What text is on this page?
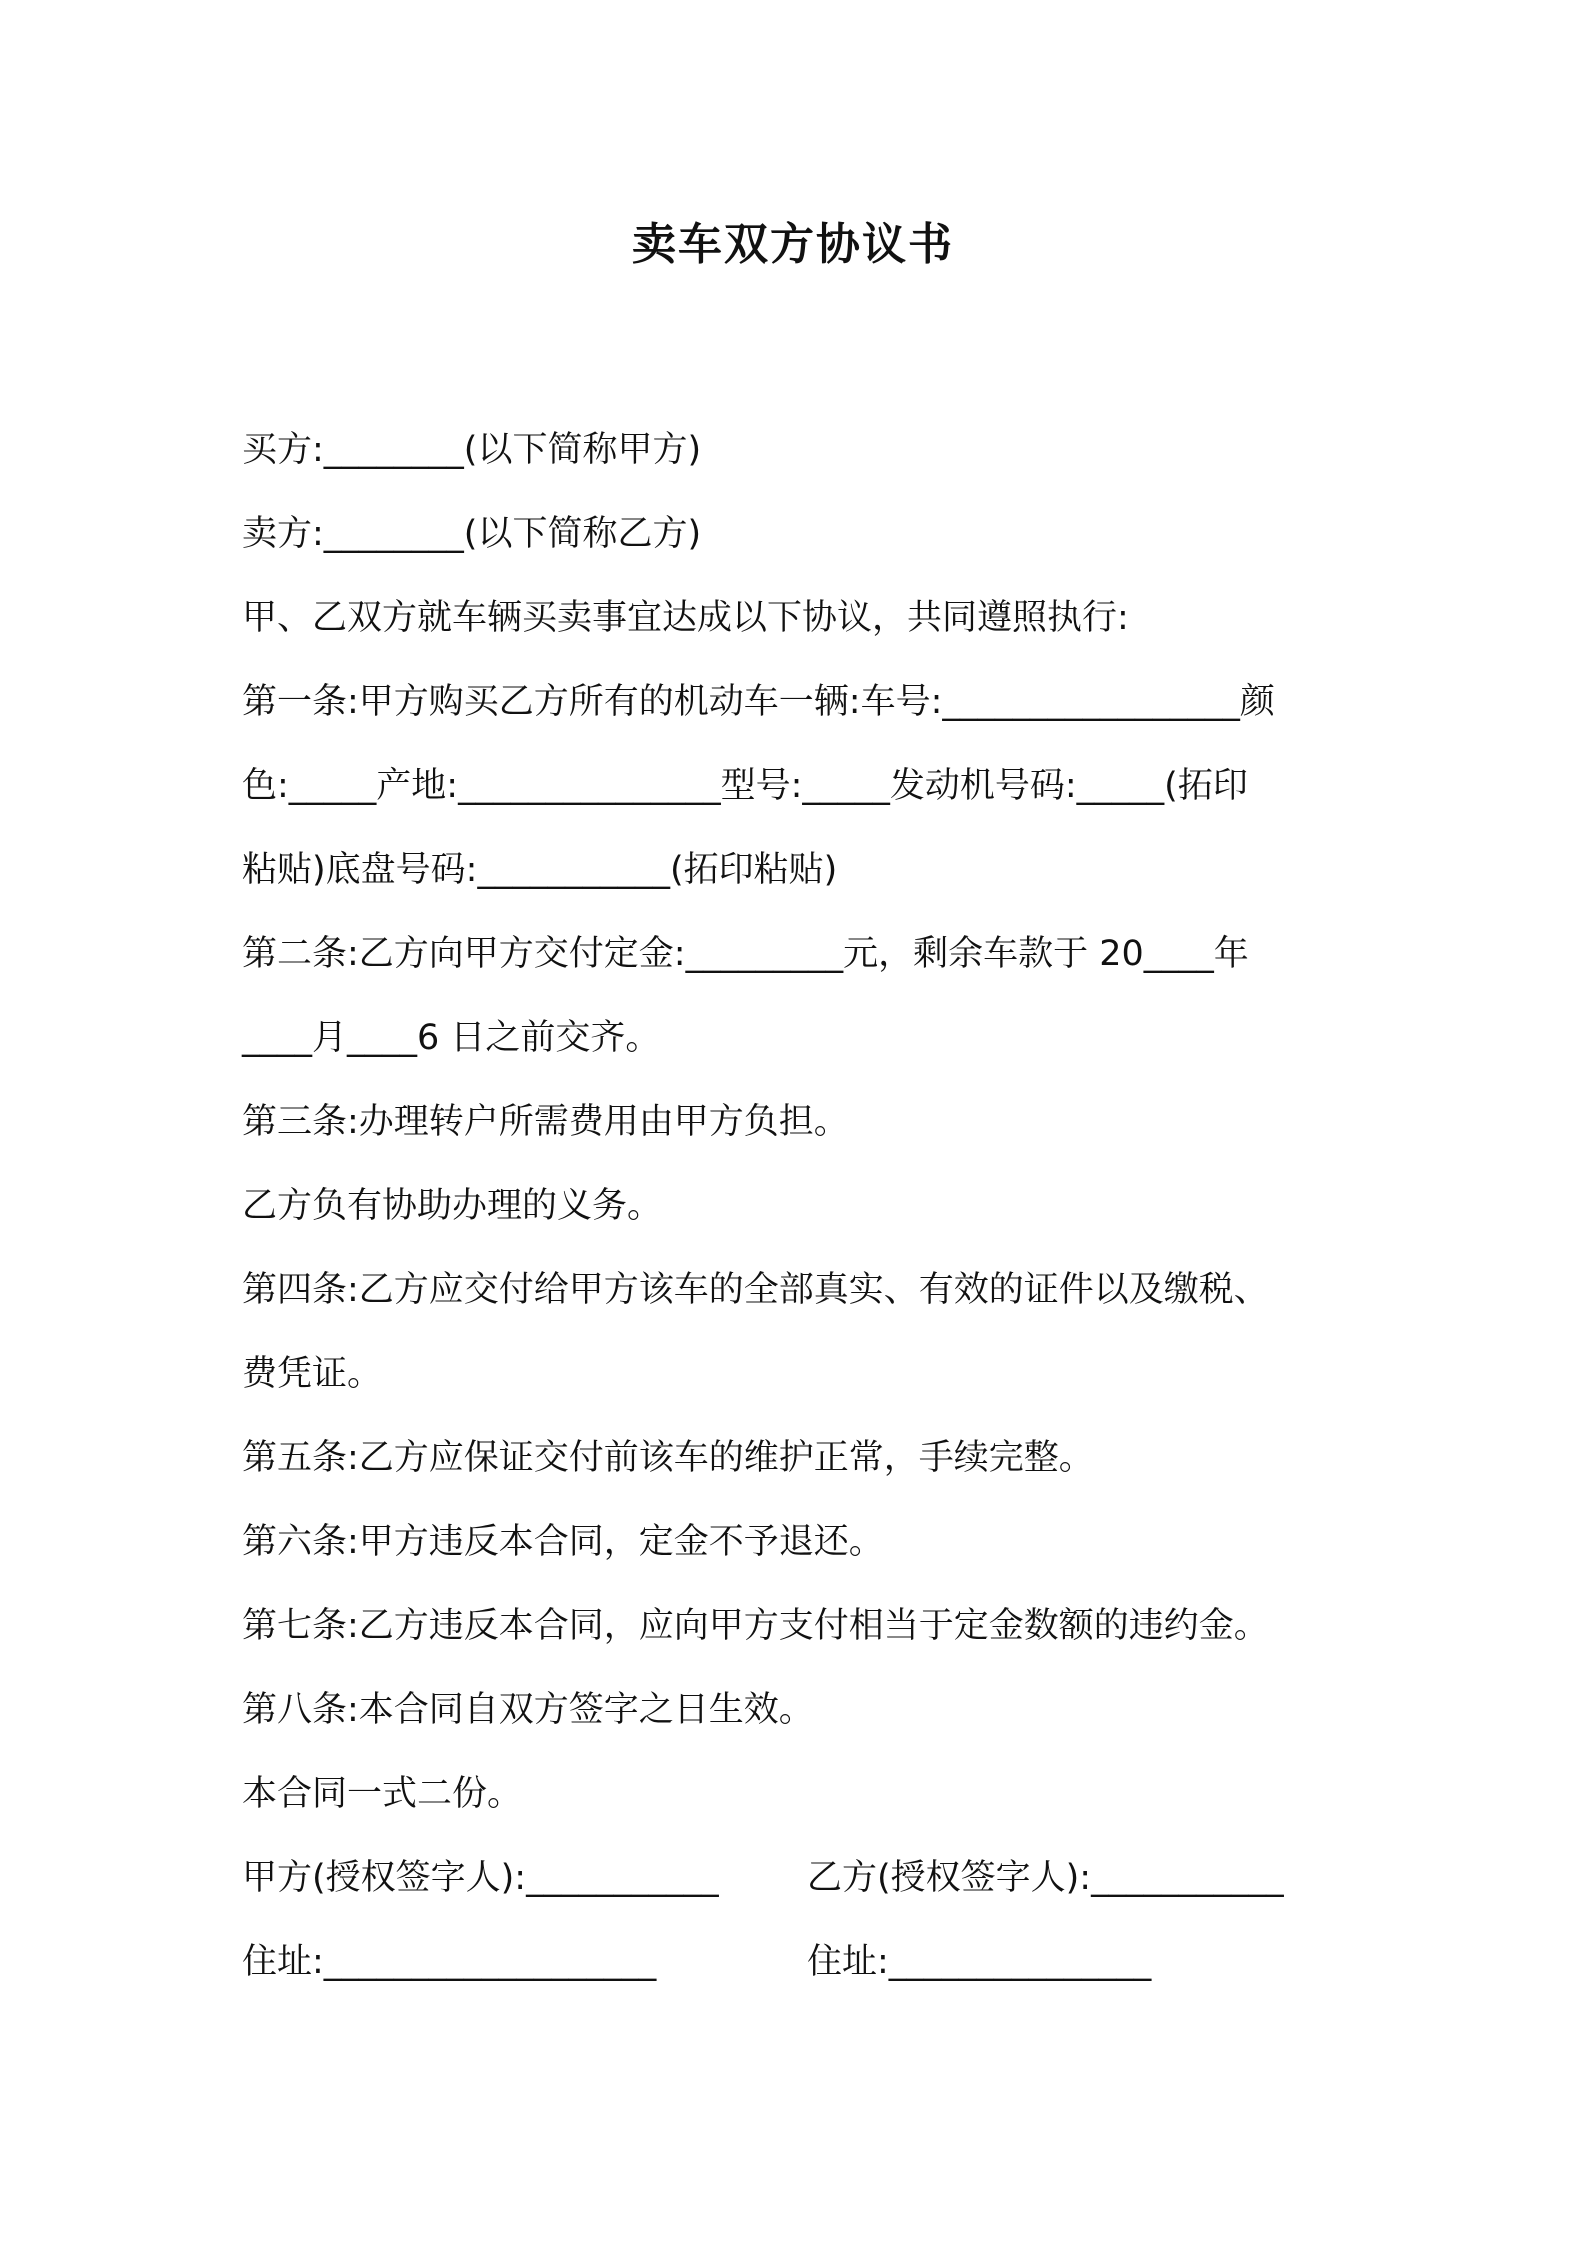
卖车双方协议书
买方:________(以下简称甲方)
卖方:________(以下简称乙方)
甲、乙双方就车辆买卖事宜达成以下协议，共同遵照执行:
第一条:甲方购买乙方所有的机动车一辆:车号:_________________颜
色:_____产地:_______________型号:_____发动机号码:_____(拓印
粘贴)底盘号码:___________(拓印粘贴)
第二条:乙方向甲方交付定金:_________元，剩余车款于 20____年
____月____6 日之前交齐。
第三条:办理转户所需费用由甲方负担。
乙方负有协助办理的义务。
第四条:乙方应交付给甲方该车的全部真实、有效的证件以及缴税、
费凭证。
第五条:乙方应保证交付前该车的维护正常，手续完整。
第六条:甲方违反本合同，定金不予退还。
第七条:乙方违反本合同，应向甲方支付相当于定金数额的违约金。
第八条:本合同自双方签字之日生效。
本合同一式二份。
甲方(授权签字人):___________	乙方(授权签字人):___________
住址:___________________	住址:_______________
